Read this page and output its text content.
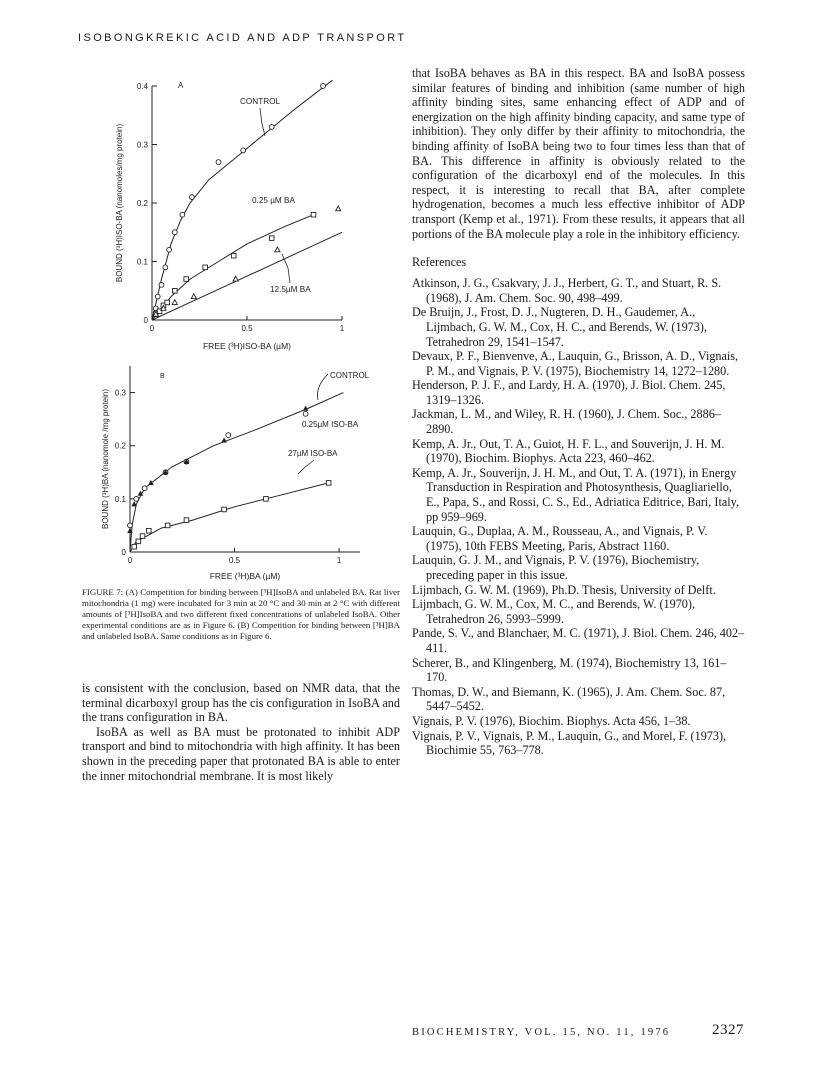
ISOBONGKREKIC ACID AND ADP TRANSPORT
0
0.1
0.2
0.3
0.4
0	0.5	1
FREE (³H)ISO-BA (µM)
BOUND (³H)ISO-BA (nanomoles/mg protein)
A
CONTROL
0.25 µM BA
12.5µM BA
0
0.1
0.2
0.3
0	0.5	1
FREE (³H)BA (µM)
BOUND (³H)BA (nanomole /mg protein)
B	CONTROL
0.25µM ISO-BA
27µM ISO-BA

FIGURE 7: (A) Competition for binding between [³H]IsoBA and unlabeled BA. Rat liver mitochondria (1 mg) were incubated for 3 min at 20 °C and 30 min at 2 °C with different amounts of [³H]IsoBA and two different fixed concentrations of unlabeled IsoBA. Other experimental conditions are as in Figure 6. (B) Competition for binding between [³H]BA and unlabeled IsoBA. Same conditions as in Figure 6.

is consistent with the conclusion, based on NMR data, that the terminal dicarboxyl group has the cis configuration in IsoBA and the trans configuration in BA.

IsoBA as well as BA must be protonated to inhibit ADP transport and bind to mitochondria with high affinity. It has been shown in the preceding paper that protonated BA is able to enter the inner mitochondrial membrane. It is most likely

that IsoBA behaves as BA in this respect. BA and IsoBA possess similar features of binding and inhibition (same number of high affinity binding sites, same enhancing effect of ADP and of energization on the high affinity binding capacity, and same type of inhibition). They only differ by their affinity to mitochondria, the binding affinity of IsoBA being two to four times less than that of BA. This difference in affinity is obviously related to the configuration of the dicarboxyl end of the molecules. In this respect, it is interesting to recall that BA, after complete hydrogenation, becomes a much less effective inhibitor of ADP transport (Kemp et al., 1971). From these results, it appears that all portions of the BA molecule play a role in the inhibitory efficiency.

References

Atkinson, J. G., Csakvary, J. J., Herbert, G. T., and Stuart, R. S. (1968), J. Am. Chem. Soc. 90, 498–499.

De Bruijn, J., Frost, D. J., Nugteren, D. H., Gaudemer, A., Lijmbach, G. W. M., Cox, H. C., and Berends, W. (1973), Tetrahedron 29, 1541–1547.

Devaux, P. F., Bienvenve, A., Lauquin, G., Brisson, A. D., Vignais, P. M., and Vignais, P. V. (1975), Biochemistry 14, 1272–1280.

Henderson, P. J. F., and Lardy, H. A. (1970), J. Biol. Chem. 245, 1319–1326.

Jackman, L. M., and Wiley, R. H. (1960), J. Chem. Soc., 2886–2890.

Kemp, A. Jr., Out, T. A., Guiot, H. F. L., and Souverijn, J. H. M. (1970), Biochim. Biophys. Acta 223, 460–462.

Kemp, A. Jr., Souverijn, J. H. M., and Out, T. A. (1971), in Energy Transduction in Respiration and Photosynthesis, Quagliariello, E., Papa, S., and Rossi, C. S., Ed., Adriatica Editrice, Bari, Italy, pp 959–969.

Lauquin, G., Duplaa, A. M., Rousseau, A., and Vignais, P. V. (1975), 10th FEBS Meeting, Paris, Abstract 1160.

Lauquin, G. J. M., and Vignais, P. V. (1976), Biochemistry, preceding paper in this issue.

Lijmbach, G. W. M. (1969), Ph.D. Thesis, University of Delft.

Lijmbach, G. W. M., Cox, M. C., and Berends, W. (1970), Tetrahedron 26, 5993–5999.

Pande, S. V., and Blanchaer, M. C. (1971), J. Biol. Chem. 246, 402–411.

Scherer, B., and Klingenberg, M. (1974), Biochemistry 13, 161–170.

Thomas, D. W., and Biemann, K. (1965), J. Am. Chem. Soc. 87, 5447–5452.

Vignais, P. V. (1976), Biochim. Biophys. Acta 456, 1–38.

Vignais, P. V., Vignais, P. M., Lauquin, G., and Morel, F. (1973), Biochimie 55, 763–778.

BIOCHEMISTRY, VOL. 15, NO. 11, 1976	2327
